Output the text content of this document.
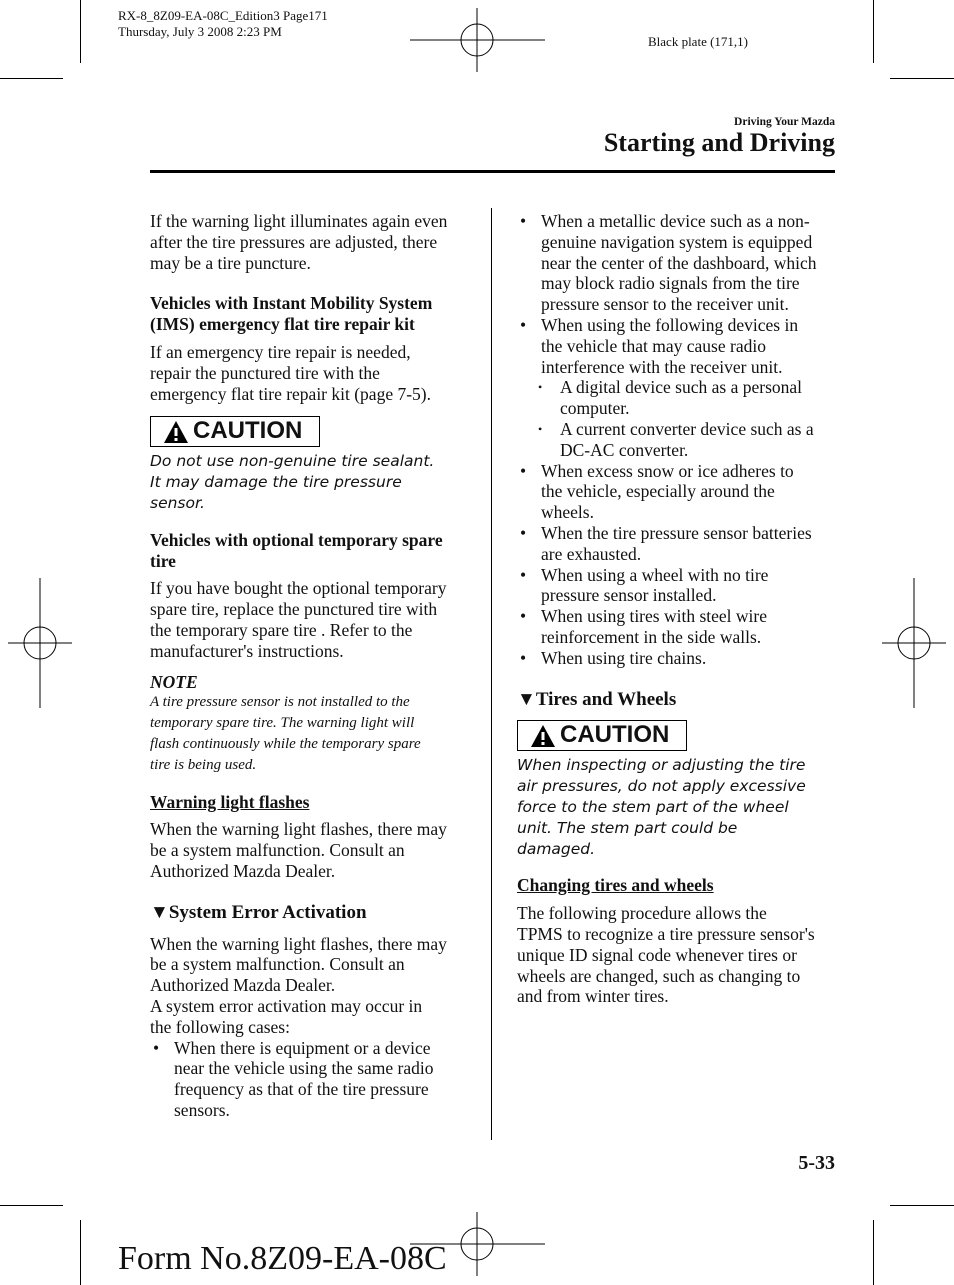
RX-8_8Z09-EA-08C_Edition3 Page171
Thursday, July 3 2008 2:23 PM
Black plate (171,1)
Driving Your Mazda
Starting and Driving

If the warning light illuminates again even
after the tire pressures are adjusted, there
may be a tire puncture.

Vehicles with Instant Mobility System
(IMS) emergency flat tire repair kit

If an emergency tire repair is needed,
repair the punctured tire with the
emergency flat tire repair kit (page 7-5).

CAUTION

Do not use non-genuine tire sealant.
It may damage the tire pressure
sensor.

Vehicles with optional temporary spare
tire

If you have bought the optional temporary
spare tire, replace the punctured tire with
the temporary spare tire . Refer to the
manufacturer's instructions.

NOTE

A tire pressure sensor is not installed to the
temporary spare tire. The warning light will
flash continuously while the temporary spare
tire is being used.

Warning light flashes

When the warning light flashes, there may
be a system malfunction. Consult an
Authorized Mazda Dealer.

▼System Error Activation

When the warning light flashes, there may
be a system malfunction. Consult an
Authorized Mazda Dealer.
A system error activation may occur in
the following cases:

• When there is equipment or a device
near the vehicle using the same radio
frequency as that of the tire pressure
sensors.
• When a metallic device such as a non-
genuine navigation system is equipped
near the center of the dashboard, which
may block radio signals from the tire
pressure sensor to the receiver unit.
• When using the following devices in
the vehicle that may cause radio
interference with the receiver unit.
•	A digital device such as a personal
computer.
•	A current converter device such as a
DC-AC converter.
• When excess snow or ice adheres to
the vehicle, especially around the
wheels.
• When the tire pressure sensor batteries
are exhausted.
• When using a wheel with no tire
pressure sensor installed.
• When using tires with steel wire
reinforcement in the side walls.
• When using tire chains.

▼Tires and Wheels

CAUTION

When inspecting or adjusting the tire
air pressures, do not apply excessive
force to the stem part of the wheel
unit. The stem part could be
damaged.

Changing tires and wheels

The following procedure allows the
TPMS to recognize a tire pressure sensor's
unique ID signal code whenever tires or
wheels are changed, such as changing to
and from winter tires.

5-33
Form No.8Z09-EA-08C
